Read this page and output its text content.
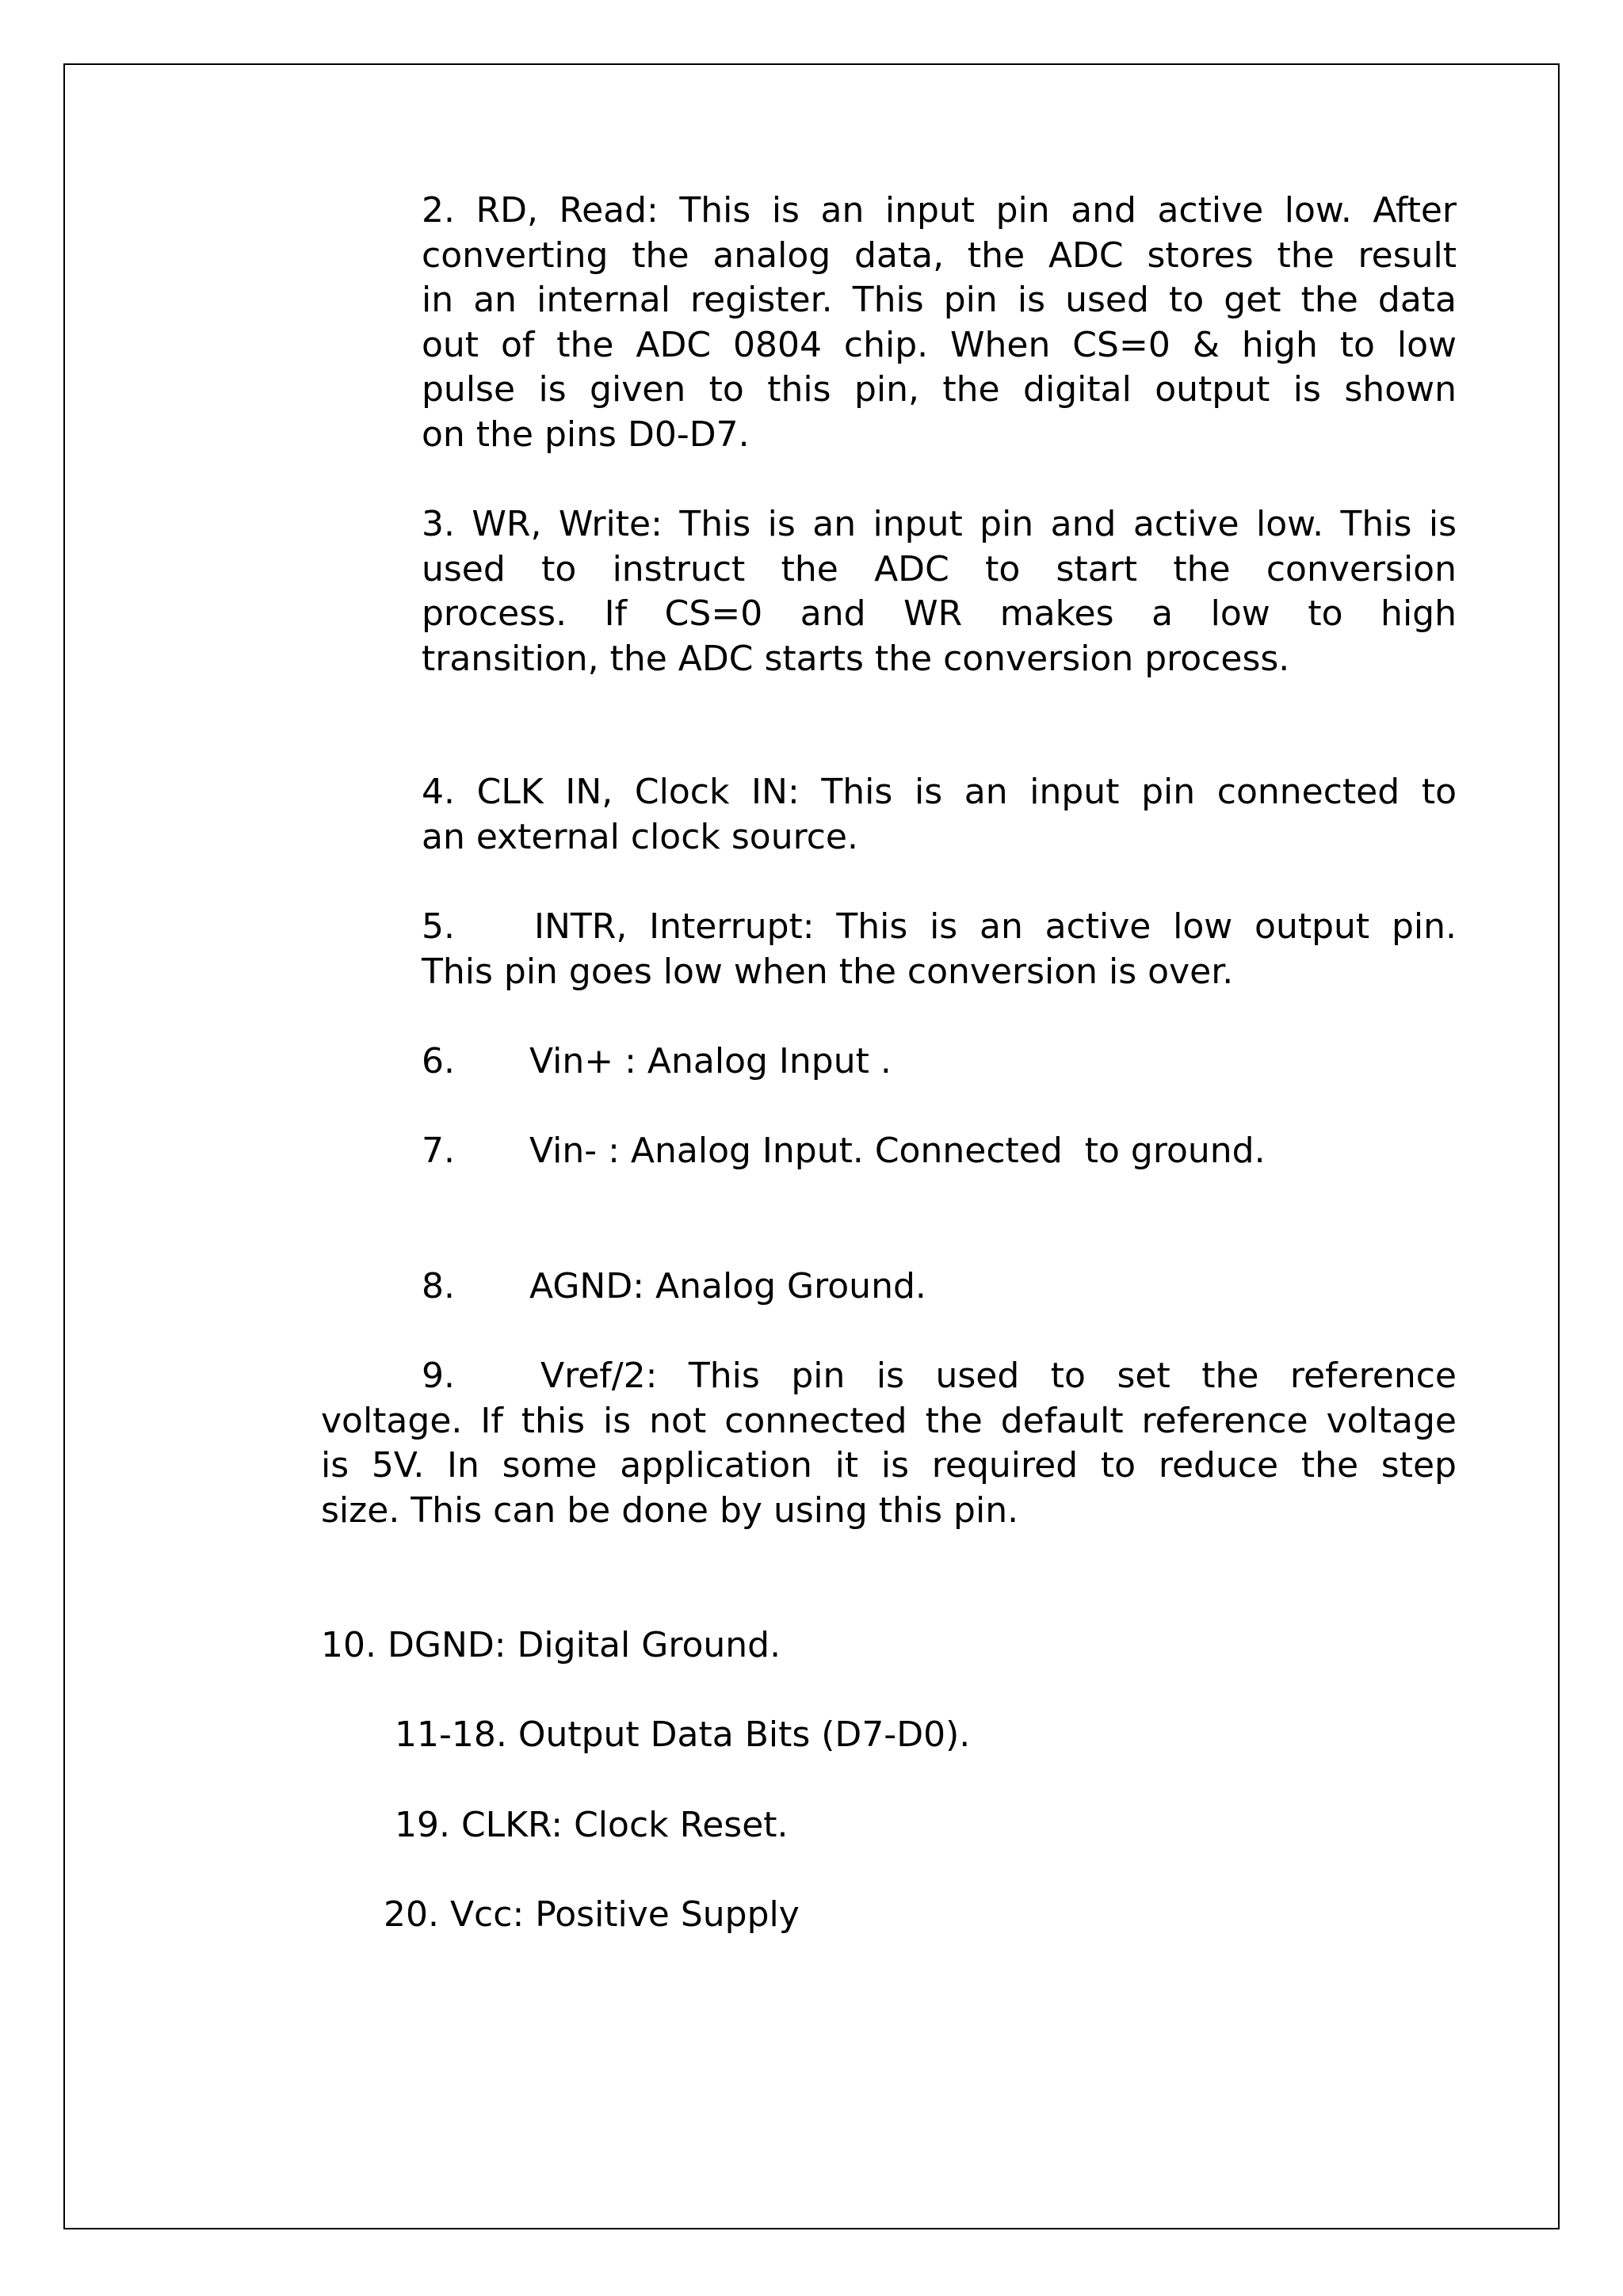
2. RD, Read: This is an input pin and active low. After
converting the analog data, the ADC stores the result
in an internal register. This pin is used to get the data
out of the ADC 0804 chip. When CS=0 & high to low
pulse is given to this pin, the digital output is shown
on the pins D0-D7.
3. WR, Write: This is an input pin and active low. This is
used to instruct the ADC to start the conversion
process. If CS=0 and WR makes a low to high
transition, the ADC starts the conversion process.
4. CLK IN, Clock IN: This is an input pin connected to
an external clock source.
5. INTR, Interrupt: This is an active low output pin.
This pin goes low when the conversion is over.
6. Vin+ : Analog Input .
7. Vin- : Analog Input. Connected  to ground.
8. AGND: Analog Ground.
9. Vref/2: This pin is used to set the reference
voltage. If this is not connected the default reference voltage
is 5V. In some application it is required to reduce the step
size. This can be done by using this pin.
10. DGND: Digital Ground.
11-18. Output Data Bits (D7-D0).
19. CLKR: Clock Reset.
20. Vcc: Positive Supply
